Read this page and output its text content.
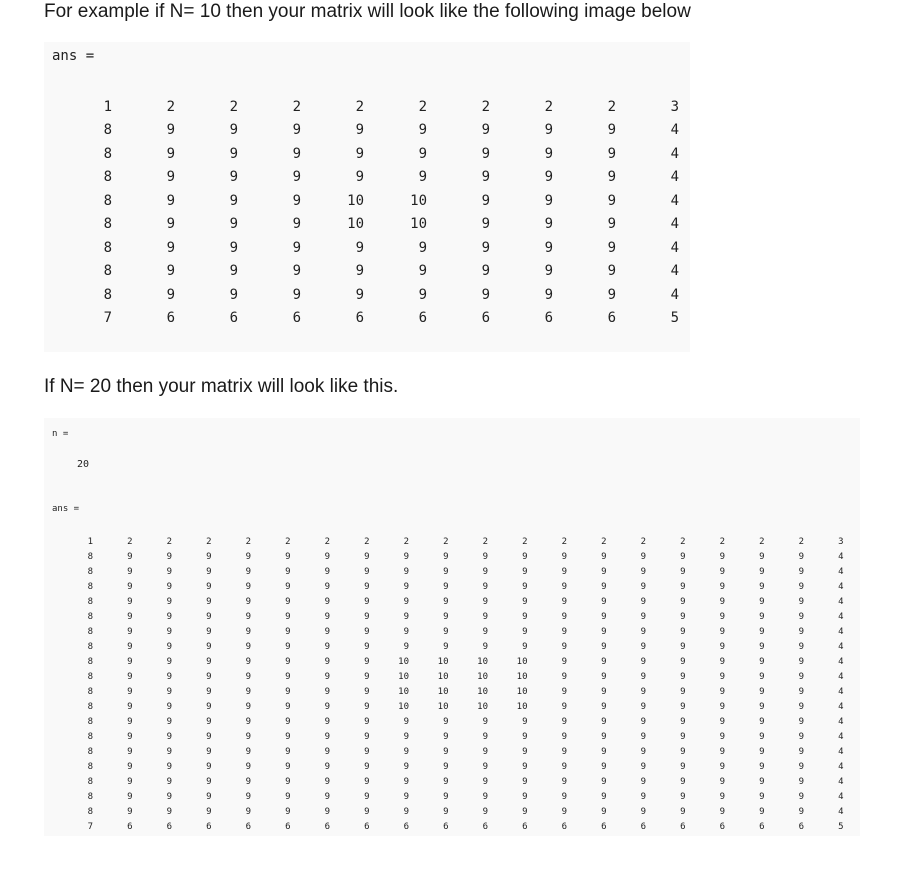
For example if N= 10 then your matrix will look like the following image below
ans =
1	2	2	2	2	2	2	2	2	3
8	9	9	9	9	9	9	9	9	4
8	9	9	9	9	9	9	9	9	4
8	9	9	9	9	9	9	9	9	4
8	9	9	9	10	10	9	9	9	4
8	9	9	9	10	10	9	9	9	4
8	9	9	9	9	9	9	9	9	4
8	9	9	9	9	9	9	9	9	4
8	9	9	9	9	9	9	9	9	4
7	6	6	6	6	6	6	6	6	5
If N= 20 then your matrix will look like this.
n =
20
ans =
1	2	2	2	2	2	2	2	2	2	2	2	2	2	2	2	2	2	2	3
8	9	9	9	9	9	9	9	9	9	9	9	9	9	9	9	9	9	9	4
8	9	9	9	9	9	9	9	9	9	9	9	9	9	9	9	9	9	9	4
8	9	9	9	9	9	9	9	9	9	9	9	9	9	9	9	9	9	9	4
8	9	9	9	9	9	9	9	9	9	9	9	9	9	9	9	9	9	9	4
8	9	9	9	9	9	9	9	9	9	9	9	9	9	9	9	9	9	9	4
8	9	9	9	9	9	9	9	9	9	9	9	9	9	9	9	9	9	9	4
8	9	9	9	9	9	9	9	9	9	9	9	9	9	9	9	9	9	9	4
8	9	9	9	9	9	9	9	10	10	10	10	9	9	9	9	9	9	9	4
8	9	9	9	9	9	9	9	10	10	10	10	9	9	9	9	9	9	9	4
8	9	9	9	9	9	9	9	10	10	10	10	9	9	9	9	9	9	9	4
8	9	9	9	9	9	9	9	10	10	10	10	9	9	9	9	9	9	9	4
8	9	9	9	9	9	9	9	9	9	9	9	9	9	9	9	9	9	9	4
8	9	9	9	9	9	9	9	9	9	9	9	9	9	9	9	9	9	9	4
8	9	9	9	9	9	9	9	9	9	9	9	9	9	9	9	9	9	9	4
8	9	9	9	9	9	9	9	9	9	9	9	9	9	9	9	9	9	9	4
8	9	9	9	9	9	9	9	9	9	9	9	9	9	9	9	9	9	9	4
8	9	9	9	9	9	9	9	9	9	9	9	9	9	9	9	9	9	9	4
8	9	9	9	9	9	9	9	9	9	9	9	9	9	9	9	9	9	9	4
7	6	6	6	6	6	6	6	6	6	6	6	6	6	6	6	6	6	6	5
